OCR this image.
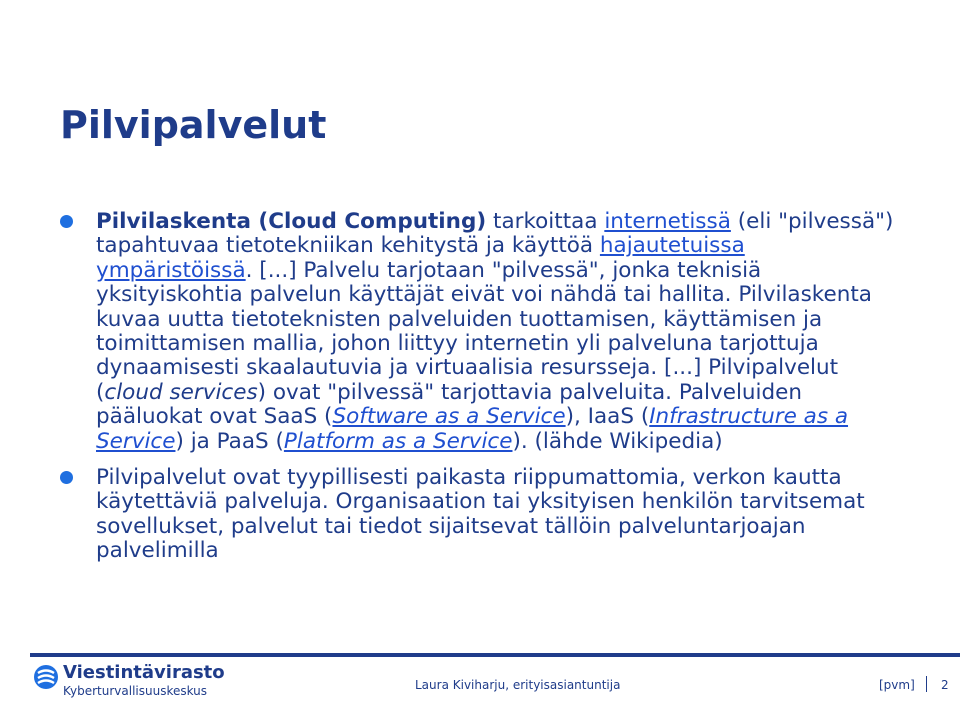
Pilvipalvelut
Pilvilaskenta (Cloud Computing) tarkoittaa internetissä (eli "pilvessä") tapahtuvaa tietotekniikan kehitystä ja käyttöä hajautetuissa ympäristöissä. [...] Palvelu tarjotaan "pilvessä", jonka teknisiä yksityiskohtia palvelun käyttäjät eivät voi nähdä tai hallita. Pilvilaskenta kuvaa uutta tietoteknisten palveluiden tuottamisen, käyttämisen ja toimittamisen mallia, johon liittyy internetin yli palveluna tarjottuja dynaamisesti skaalautuvia ja virtuaalisia resursseja. [...] Pilvipalvelut (cloud services) ovat "pilvessä" tarjottavia palveluita. Palveluiden pääluokat ovat SaaS (Software as a Service), IaaS (Infrastructure as a Service) ja PaaS (Platform as a Service). (lähde Wikipedia)
Pilvipalvelut ovat tyypillisesti paikasta riippumattomia, verkon kautta käytettäviä palveluja. Organisaation tai yksityisen henkilön tarvitsemat sovellukset, palvelut tai tiedot sijaitsevat tällöin palveluntarjoajan palvelimilla
Viestintävirasto
Kyberturvallisuuskeskus	Laura Kiviharju, erityisasiantuntija	[pvm] 2
